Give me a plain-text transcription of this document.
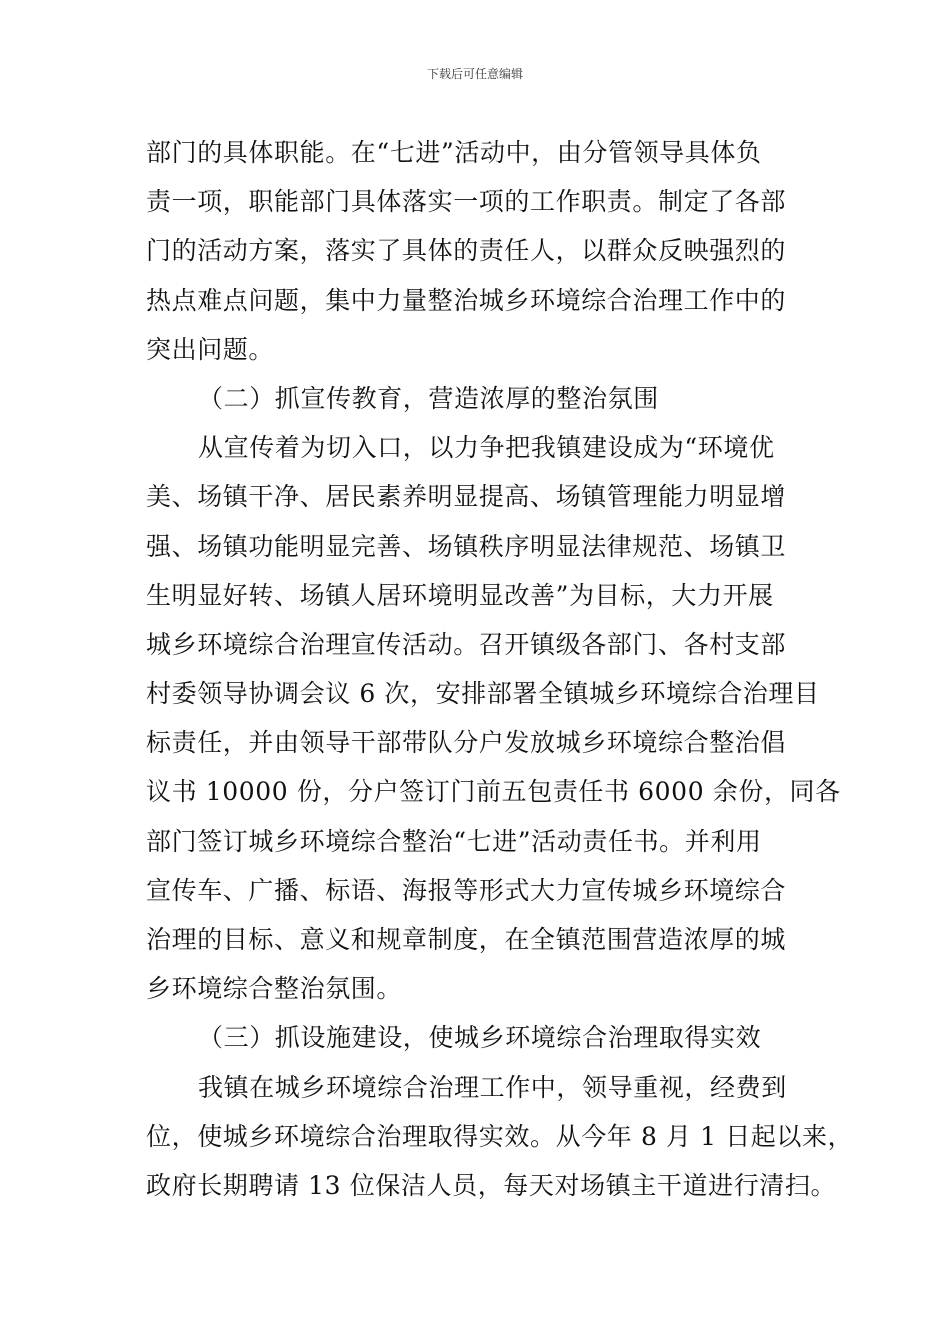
下载后可任意编辑
部门的具体职能。在“七进”活动中，由分管领导具体负
责一项，职能部门具体落实一项的工作职责。制定了各部
门的活动方案，落实了具体的责任人，以群众反映强烈的
热点难点问题，集中力量整治城乡环境综合治理工作中的
突出问题。
（二）抓宣传教育，营造浓厚的整治氛围
从宣传着为切入口，以力争把我镇建设成为“环境优
美、场镇干净、居民素养明显提高、场镇管理能力明显增
强、场镇功能明显完善、场镇秩序明显法律规范、场镇卫
生明显好转、场镇人居环境明显改善”为目标，大力开展
城乡环境综合治理宣传活动。召开镇级各部门、各村支部
村委领导协调会议 6 次，安排部署全镇城乡环境综合治理目
标责任，并由领导干部带队分户发放城乡环境综合整治倡
议书 10000 份，分户签订门前五包责任书 6000 余份，同各
部门签订城乡环境综合整治“七进”活动责任书。并利用
宣传车、广播、标语、海报等形式大力宣传城乡环境综合
治理的目标、意义和规章制度，在全镇范围营造浓厚的城
乡环境综合整治氛围。
（三）抓设施建设，使城乡环境综合治理取得实效
我镇在城乡环境综合治理工作中，领导重视，经费到
位，使城乡环境综合治理取得实效。从今年 8 月 1 日起以来，
政府长期聘请 13 位保洁人员，每天对场镇主干道进行清扫。
